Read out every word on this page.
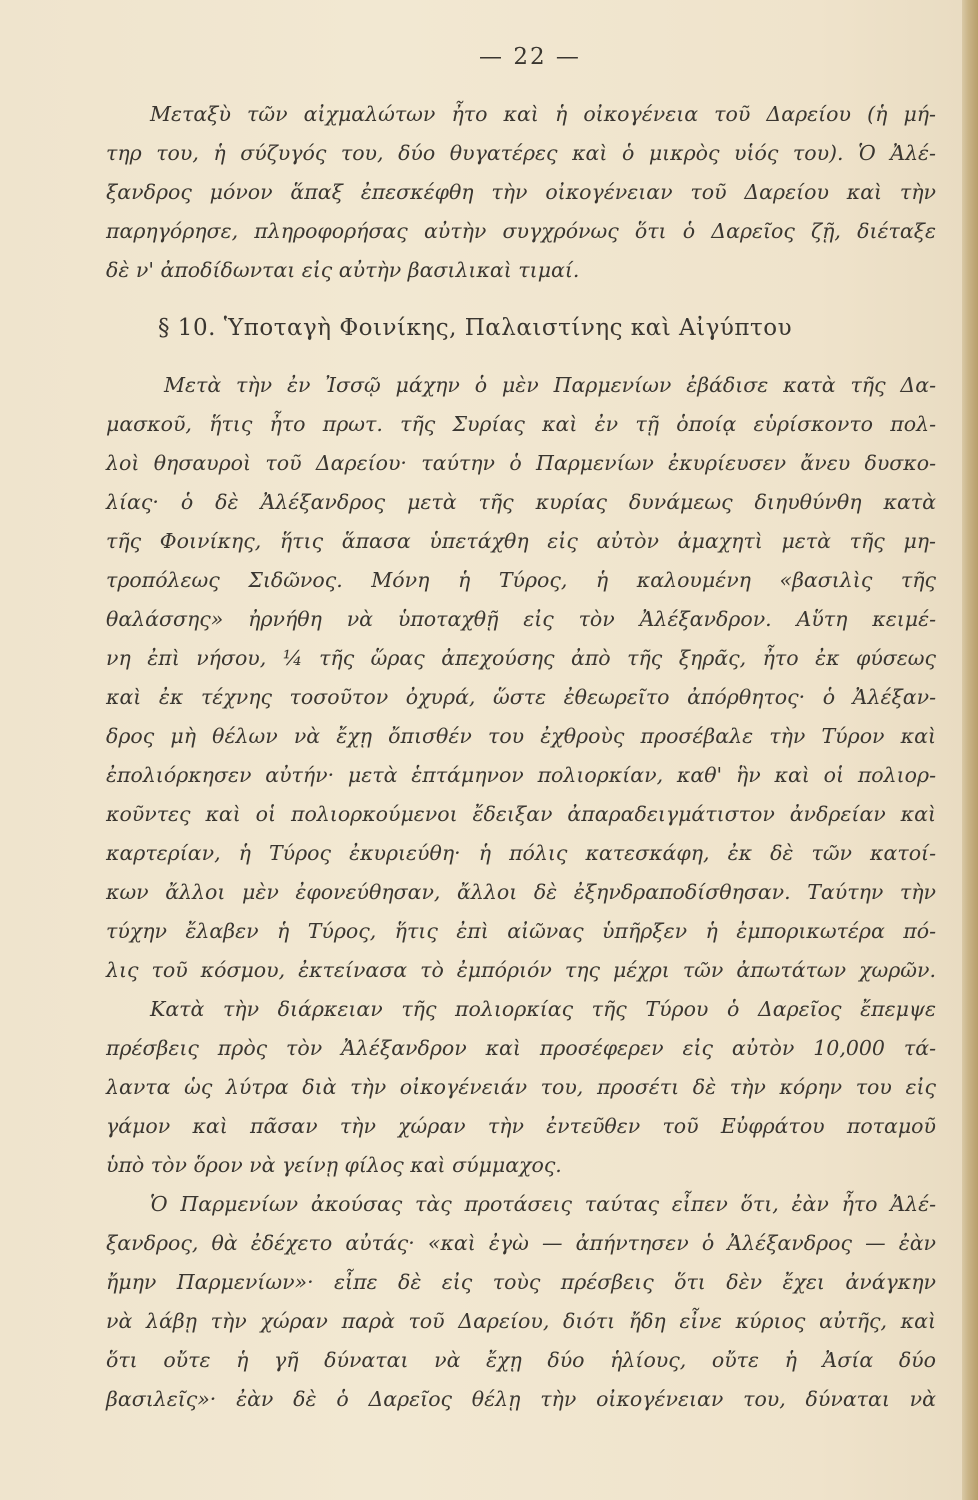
— 22 —
Μεταξὺ τῶν αἰχμαλώτων ἦτο καὶ ἡ οἰκογένεια τοῦ Δαρείου (ἡ μή-
τηρ του, ἡ σύζυγός του, δύο θυγατέρες καὶ ὁ μικρὸς υἱός του). Ὁ Ἀλέ-
ξανδρος μόνον ἅπαξ ἐπεσκέφθη τὴν οἰκογένειαν τοῦ Δαρείου καὶ τὴν
παρηγόρησε, πληροφορήσας αὐτὴν συγχρόνως ὅτι ὁ Δαρεῖος ζῇ, διέταξε
δὲ ν' ἀποδίδωνται εἰς αὐτὴν βασιλικαὶ τιμαί.
§ 10. Ὑποταγὴ Φοινίκης, Παλαιστίνης καὶ Αἰγύπτου
Μετὰ τὴν ἐν Ἰσσῷ μάχην ὁ μὲν Παρμενίων ἐβάδισε κατὰ τῆς Δα-
μασκοῦ, ἥτις ἦτο πρωτ. τῆς Συρίας καὶ ἐν τῇ ὁποίᾳ εὑρίσκοντο πολ-
λοὶ θησαυροὶ τοῦ Δαρείου· ταύτην ὁ Παρμενίων ἐκυρίευσεν ἄνευ δυσκο-
λίας· ὁ δὲ Ἀλέξανδρος μετὰ τῆς κυρίας δυνάμεως διηυθύνθη κατὰ
τῆς Φοινίκης, ἥτις ἅπασα ὑπετάχθη εἰς αὐτὸν ἀμαχητὶ μετὰ τῆς μη-
τροπόλεως Σιδῶνος. Μόνη ἡ Τύρος, ἡ καλουμένη «βασιλὶς τῆς
θαλάσσης» ἠρνήθη νὰ ὑποταχθῇ εἰς τὸν Ἀλέξανδρον. Αὕτη κειμέ-
νη ἐπὶ νήσου, ¼ τῆς ὥρας ἀπεχούσης ἀπὸ τῆς ξηρᾶς, ἦτο ἐκ φύσεως
καὶ ἐκ τέχνης τοσοῦτον ὀχυρά, ὥστε ἐθεωρεῖτο ἀπόρθητος· ὁ Ἀλέξαν-
δρος μὴ θέλων νὰ ἔχῃ ὄπισθέν του ἐχθροὺς προσέβαλε τὴν Τύρον καὶ
ἐπολιόρκησεν αὐτήν· μετὰ ἑπτάμηνον πολιορκίαν, καθ' ἣν καὶ οἱ πολιορ-
κοῦντες καὶ οἱ πολιορκούμενοι ἔδειξαν ἀπαραδειγμάτιστον ἀνδρείαν καὶ
καρτερίαν, ἡ Τύρος ἐκυριεύθη· ἡ πόλις κατεσκάφη, ἐκ δὲ τῶν κατοί-
κων ἄλλοι μὲν ἐφονεύθησαν, ἄλλοι δὲ ἐξηνδραποδίσθησαν. Ταύτην τὴν
τύχην ἔλαβεν ἡ Τύρος, ἥτις ἐπὶ αἰῶνας ὑπῆρξεν ἡ ἐμπορικωτέρα πό-
λις τοῦ κόσμου, ἐκτείνασα τὸ ἐμπόριόν της μέχρι τῶν ἀπωτάτων χωρῶν.
Κατὰ τὴν διάρκειαν τῆς πολιορκίας τῆς Τύρου ὁ Δαρεῖος ἔπεμψε
πρέσβεις πρὸς τὸν Ἀλέξανδρον καὶ προσέφερεν εἰς αὐτὸν 10,000 τά-
λαντα ὡς λύτρα διὰ τὴν οἰκογένειάν του, προσέτι δὲ τὴν κόρην του εἰς
γάμον καὶ πᾶσαν τὴν χώραν τὴν ἐντεῦθεν τοῦ Εὐφράτου ποταμοῦ
ὑπὸ τὸν ὅρον νὰ γείνῃ φίλος καὶ σύμμαχος.
Ὁ Παρμενίων ἀκούσας τὰς προτάσεις ταύτας εἶπεν ὅτι, ἐὰν ἦτο Ἀλέ-
ξανδρος, θὰ ἐδέχετο αὐτάς· «καὶ ἐγὼ — ἀπήντησεν ὁ Ἀλέξανδρος — ἐὰν
ἤμην Παρμενίων»· εἶπε δὲ εἰς τοὺς πρέσβεις ὅτι δὲν ἔχει ἀνάγκην
νὰ λάβῃ τὴν χώραν παρὰ τοῦ Δαρείου, διότι ἤδη εἶνε κύριος αὐτῆς, καὶ
ὅτι οὔτε ἡ γῆ δύναται νὰ ἔχῃ δύο ἡλίους, οὔτε ἡ Ἀσία δύο
βασιλεῖς»· ἐὰν δὲ ὁ Δαρεῖος θέλῃ τὴν οἰκογένειαν του, δύναται νὰ
